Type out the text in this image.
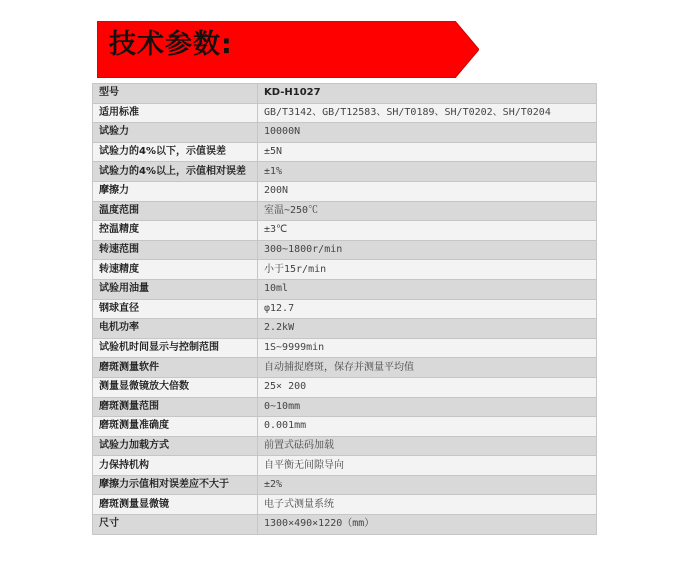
技术参数:
型号	KD-H1027
适用标准	GB/T3142、GB/T12583、SH/T0189、SH/T0202、SH/T0204
试验力	10000N
试验力的4%以下，示值误差	±5N
试验力的4%以上，示值相对误差	±1%
摩擦力	200N
温度范围	室温~250℃
控温精度	±3℃
转速范围	300~1800r/min
转速精度	小于15r/min
试验用油量	10ml
钢球直径	φ12.7
电机功率	2.2kW
试验机时间显示与控制范围	1S~9999min
磨斑测量软件	自动捕捉磨斑，保存并测量平均值
测量显微镜放大倍数	25× 200
磨斑测量范围	0~10mm
磨斑测量准确度	0.001mm
试验力加载方式	前置式砝码加载
力保持机构	自平衡无间隙导向
摩擦力示值相对误差应不大于	±2%
磨斑测量显微镜	电子式测量系统
尺寸	1300×490×1220（mm）
